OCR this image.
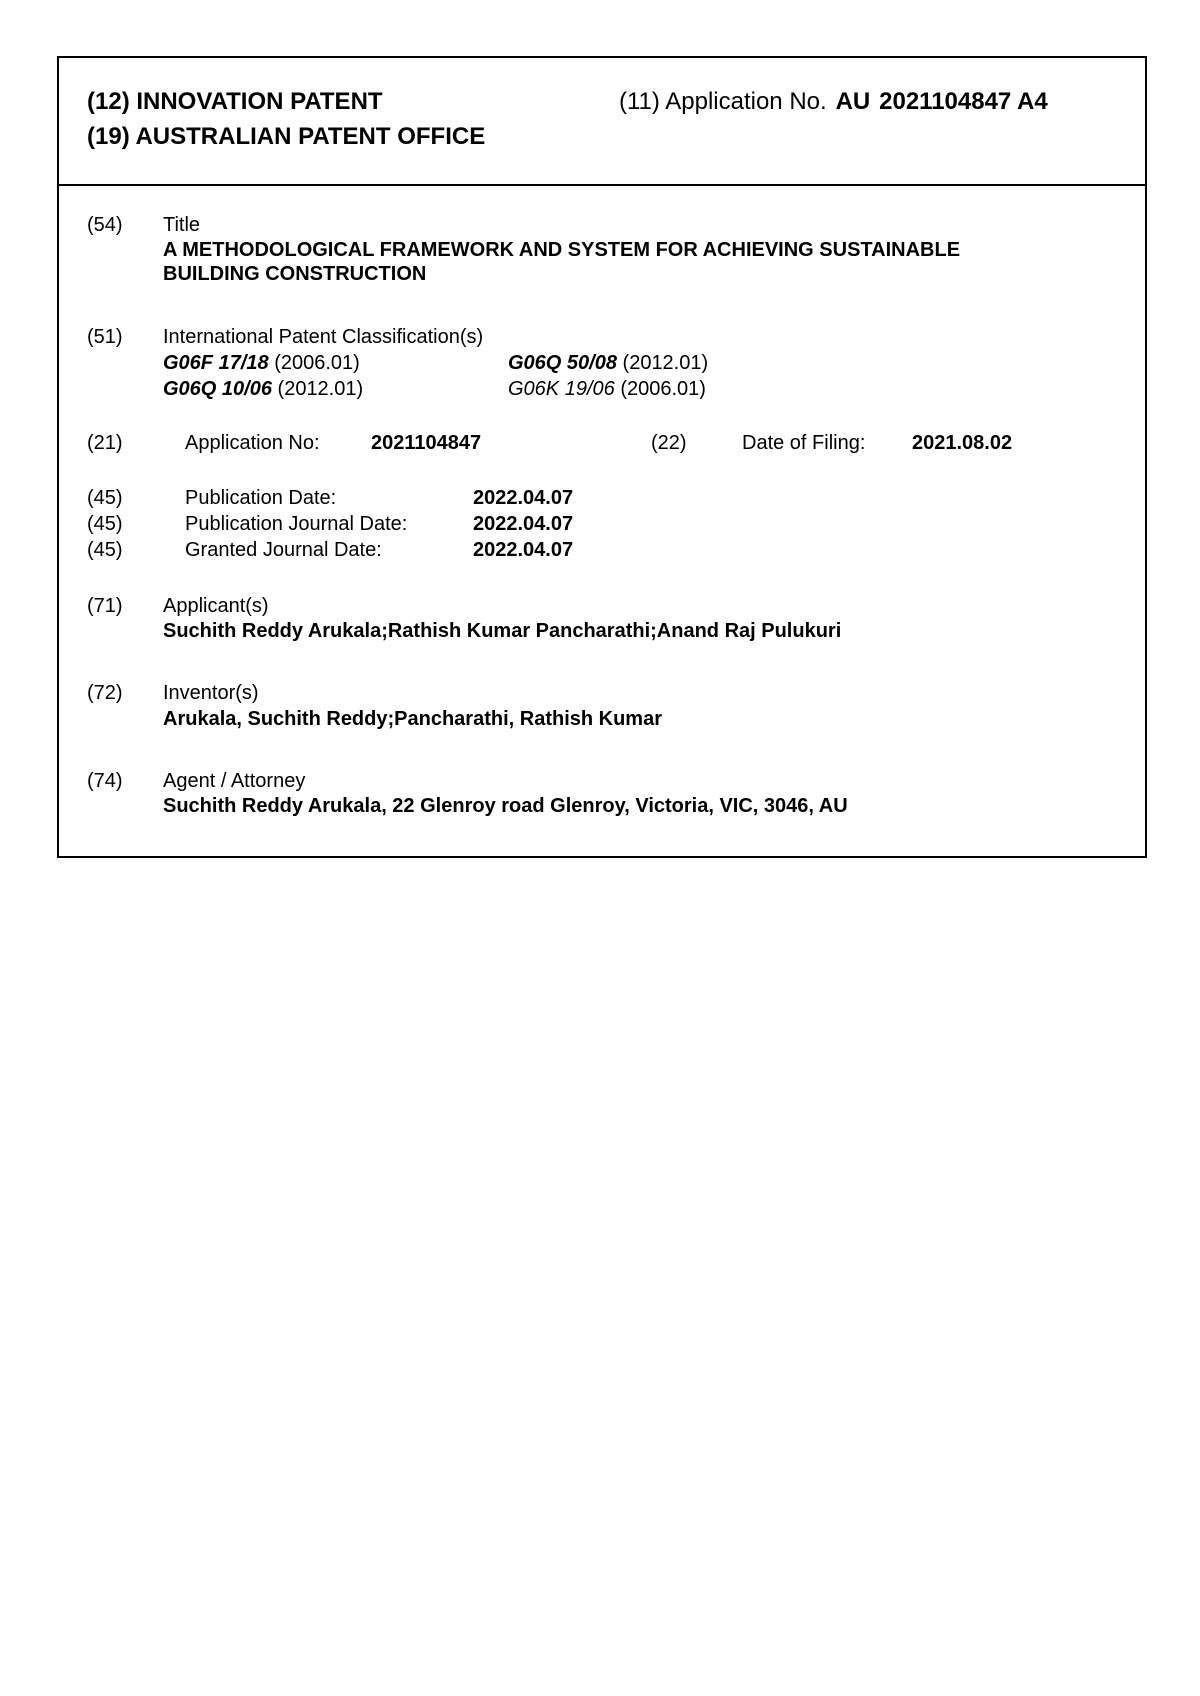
(12) INNOVATION PATENT
(19) AUSTRALIAN PATENT OFFICE
(11) Application No. AU 2021104847 A4
(54) Title
A METHODOLOGICAL FRAMEWORK AND SYSTEM FOR ACHIEVING SUSTAINABLE
BUILDING CONSTRUCTION
(51) International Patent Classification(s)
G06F 17/18 (2006.01)	G06Q 50/08 (2012.01)
G06Q 10/06 (2012.01)	G06K 19/06 (2006.01)
(21)	Application No:	2021104847	(22)	Date of Filing: 2021.08.02
(45)	Publication Date:	2022.04.07
(45)	Publication Journal Date:	2022.04.07
(45)	Granted Journal Date:	2022.04.07
(71) Applicant(s)
Suchith Reddy Arukala;Rathish Kumar Pancharathi;Anand Raj Pulukuri
(72) Inventor(s)
Arukala, Suchith Reddy;Pancharathi, Rathish Kumar
(74) Agent / Attorney
Suchith Reddy Arukala, 22 Glenroy road Glenroy, Victoria, VIC, 3046, AU
